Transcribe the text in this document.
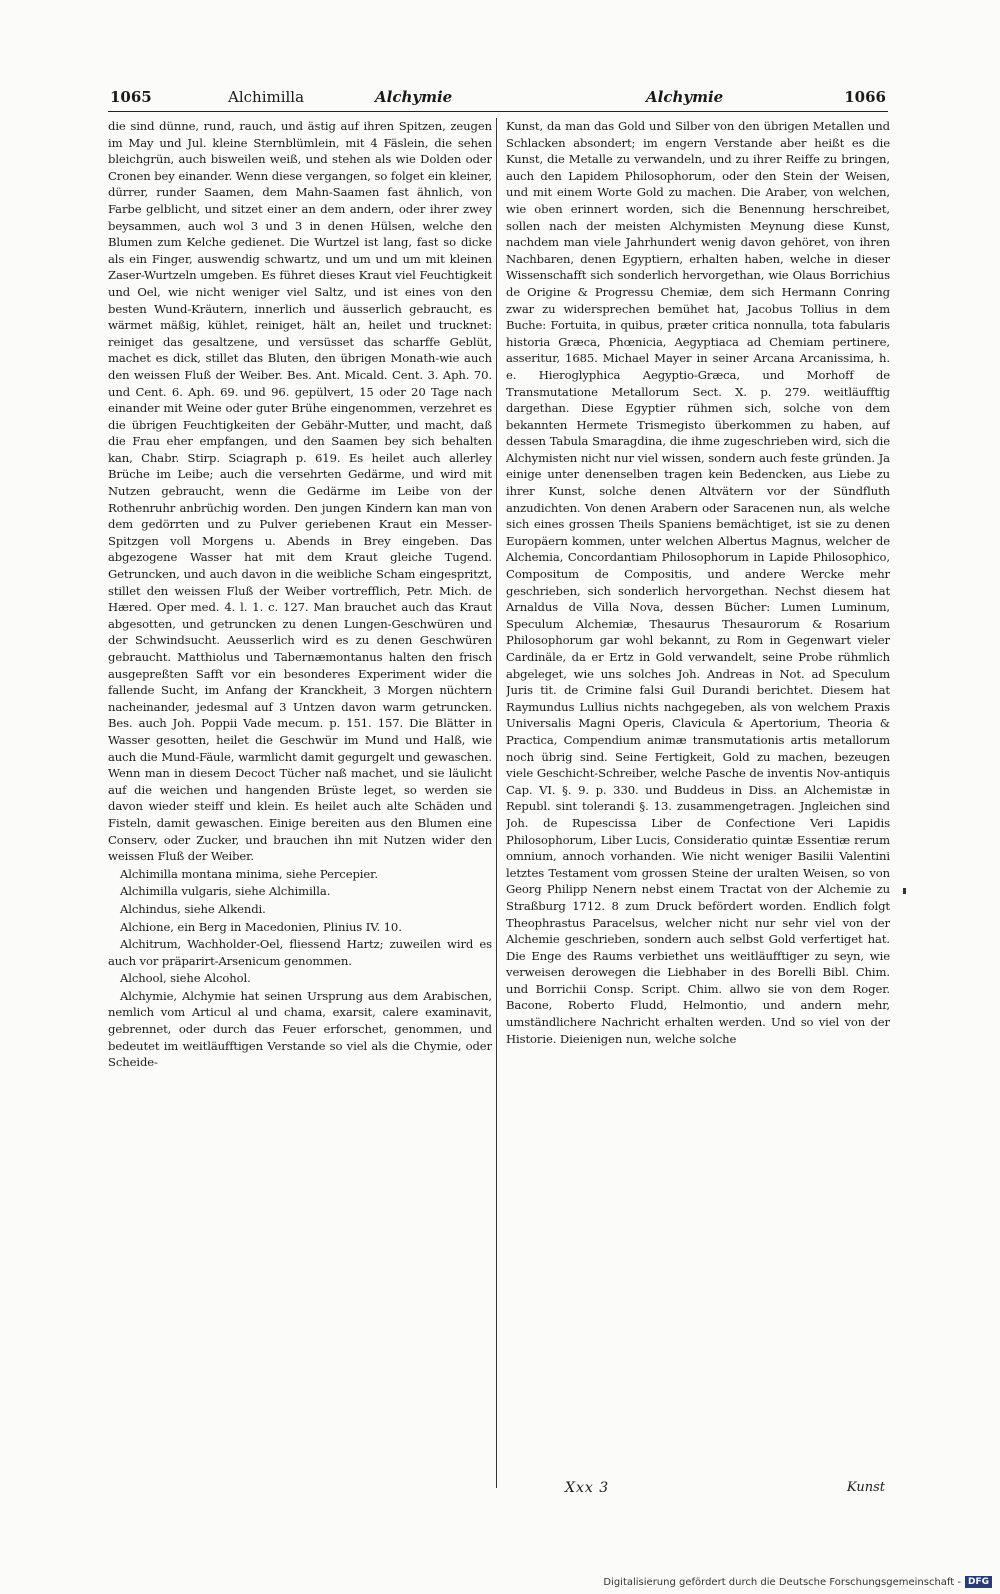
1065	Alchimilla	Alchymie	Alchymie	1066

die sind dünne, rund, rauch, und ästig auf ihren Spitzen, zeugen im May und Jul. kleine Sternblümlein, mit 4 Fäslein, die sehen bleichgrün, auch bisweilen weiß, und stehen als wie Dolden oder Cronen bey einander. Wenn diese vergangen, so folget ein kleiner, dürrer, runder Saamen, dem Mahn-Saamen fast ähnlich, von Farbe gelblicht, und sitzet einer an dem andern, oder ihrer zwey beysammen, auch wol 3 und 3 in denen Hülsen, welche den Blumen zum Kelche gedienet. Die Wurtzel ist lang, fast so dicke als ein Finger, auswendig schwartz, und um und um mit kleinen Zaser-Wurtzeln umgeben. Es führet dieses Kraut viel Feuchtigkeit und Oel, wie nicht weniger viel Saltz, und ist eines von den besten Wund-Kräutern, innerlich und äusserlich gebraucht, es wärmet mäßig, kühlet, reiniget, hält an, heilet und trucknet: reiniget das gesaltzene, und versüsset das scharffe Geblüt, machet es dick, stillet das Bluten, den übrigen Monath-wie auch den weissen Fluß der Weiber. Bes. Ant. Micald. Cent. 3. Aph. 70. und Cent. 6. Aph. 69. und 96. gepülvert, 15 oder 20 Tage nach einander mit Weine oder guter Brühe eingenommen, verzehret es die übrigen Feuchtigkeiten der Gebähr-Mutter, und macht, daß die Frau eher empfangen, und den Saamen bey sich behalten kan, Chabr. Stirp. Sciagraph p. 619. Es heilet auch allerley Brüche im Leibe; auch die versehrten Gedärme, und wird mit Nutzen gebraucht, wenn die Gedärme im Leibe von der Rothenruhr anbrüchig worden. Den jungen Kindern kan man von dem gedörrten und zu Pulver geriebenen Kraut ein Messer-Spitzgen voll Morgens u. Abends in Brey eingeben. Das abgezogene Wasser hat mit dem Kraut gleiche Tugend. Getruncken, und auch davon in die weibliche Scham eingespritzt, stillet den weissen Fluß der Weiber vortrefflich, Petr. Mich. de Hæred. Oper med. 4. l. 1. c. 127. Man brauchet auch das Kraut abgesotten, und getruncken zu denen Lungen-Geschwüren und der Schwindsucht. Aeusserlich wird es zu denen Geschwüren gebraucht. Matthiolus und Tabernæmontanus halten den frisch ausgepreßten Safft vor ein besonderes Experiment wider die fallende Sucht, im Anfang der Kranckheit, 3 Morgen nüchtern nacheinander, jedesmal auf 3 Untzen davon warm getruncken. Bes. auch Joh. Poppii Vade mecum. p. 151. 157. Die Blätter in Wasser gesotten, heilet die Geschwür im Mund und Halß, wie auch die Mund-Fäule, warmlicht damit gegurgelt und gewaschen. Wenn man in diesem Decoct Tücher naß machet, und sie läulicht auf die weichen und hangenden Brüste leget, so werden sie davon wieder steiff und klein. Es heilet auch alte Schäden und Fisteln, damit gewaschen. Einige bereiten aus den Blumen eine Conserv, oder Zucker, und brauchen ihn mit Nutzen wider den weissen Fluß der Weiber.

Alchimilla montana minima, siehe Percepier.

Alchimilla vulgaris, siehe Alchimilla.

Alchindus, siehe Alkendi.

Alchione, ein Berg in Macedonien, Plinius IV. 10.

Alchitrum, Wachholder-Oel, fliessend Hartz; zuweilen wird es auch vor präparirt-Arsenicum genommen.

Alchool, siehe Alcohol.

Alchymie, Alchymie hat seinen Ursprung aus dem Arabischen, nemlich vom Articul al und chama, exarsit, calere examinavit, gebrennet, oder durch das Feuer erforschet, genommen, und bedeutet im weitläufftigen Verstande so viel als die Chymie, oder Scheide-

Kunst, da man das Gold und Silber von den übrigen Metallen und Schlacken absondert; im engern Verstande aber heißt es die Kunst, die Metalle zu verwandeln, und zu ihrer Reiffe zu bringen, auch den Lapidem Philosophorum, oder den Stein der Weisen, und mit einem Worte Gold zu machen. Die Araber, von welchen, wie oben erinnert worden, sich die Benennung herschreibet, sollen nach der meisten Alchymisten Meynung diese Kunst, nachdem man viele Jahrhundert wenig davon gehöret, von ihren Nachbaren, denen Egyptiern, erhalten haben, welche in dieser Wissenschafft sich sonderlich hervorgethan, wie Olaus Borrichius de Origine & Progressu Chemiæ, dem sich Hermann Conring zwar zu widersprechen bemühet hat, Jacobus Tollius in dem Buche: Fortuita, in quibus, præter critica nonnulla, tota fabularis historia Græca, Phœnicia, Aegyptiaca ad Chemiam pertinere, asseritur, 1685. Michael Mayer in seiner Arcana Arcanissima, h. e. Hieroglyphica Aegyptio-Græca, und Morhoff de Transmutatione Metallorum Sect. X. p. 279. weitläufftig dargethan. Diese Egyptier rühmen sich, solche von dem bekannten Hermete Trismegisto überkommen zu haben, auf dessen Tabula Smaragdina, die ihme zugeschrieben wird, sich die Alchymisten nicht nur viel wissen, sondern auch feste gründen. Ja einige unter denenselben tragen kein Bedencken, aus Liebe zu ihrer Kunst, solche denen Altvätern vor der Sündfluth anzudichten. Von denen Arabern oder Saracenen nun, als welche sich eines grossen Theils Spaniens bemächtiget, ist sie zu denen Europäern kommen, unter welchen Albertus Magnus, welcher de Alchemia, Concordantiam Philosophorum in Lapide Philosophico, Compositum de Compositis, und andere Wercke mehr geschrieben, sich sonderlich hervorgethan. Nechst diesem hat Arnaldus de Villa Nova, dessen Bücher: Lumen Luminum, Speculum Alchemiæ, Thesaurus Thesaurorum & Rosarium Philosophorum gar wohl bekannt, zu Rom in Gegenwart vieler Cardinäle, da er Ertz in Gold verwandelt, seine Probe rühmlich abgeleget, wie uns solches Joh. Andreas in Not. ad Speculum Juris tit. de Crimine falsi Guil Durandi berichtet. Diesem hat Raymundus Lullius nichts nachgegeben, als von welchem Praxis Universalis Magni Operis, Clavicula & Apertorium, Theoria & Practica, Compendium animæ transmutationis artis metallorum noch übrig sind. Seine Fertigkeit, Gold zu machen, bezeugen viele Geschicht-Schreiber, welche Pasche de inventis Nov-antiquis Cap. VI. §. 9. p. 330. und Buddeus in Diss. an Alchemistæ in Republ. sint tolerandi §. 13. zusammengetragen. Jngleichen sind Joh. de Rupescissa Liber de Confectione Veri Lapidis Philosophorum, Liber Lucis, Consideratio quintæ Essentiæ rerum omnium, annoch vorhanden. Wie nicht weniger Basilii Valentini letztes Testament vom grossen Steine der uralten Weisen, so von Georg Philipp Nenern nebst einem Tractat von der Alchemie zu Straßburg 1712. 8 zum Druck befördert worden. Endlich folgt Theophrastus Paracelsus, welcher nicht nur sehr viel von der Alchemie geschrieben, sondern auch selbst Gold verfertiget hat. Die Enge des Raums verbiethet uns weitläufftiger zu seyn, wie verweisen derowegen die Liebhaber in des Borelli Bibl. Chim. und Borrichii Consp. Script. Chim. allwo sie von dem Roger. Bacone, Roberto Fludd, Helmontio, und andern mehr, umständlichere Nachricht erhalten werden. Und so viel von der Historie. Dieienigen nun, welche solche

Xxx 3	Kunst
Digitalisierung gefördert durch die Deutsche Forschungsgemeinschaft - DFG
